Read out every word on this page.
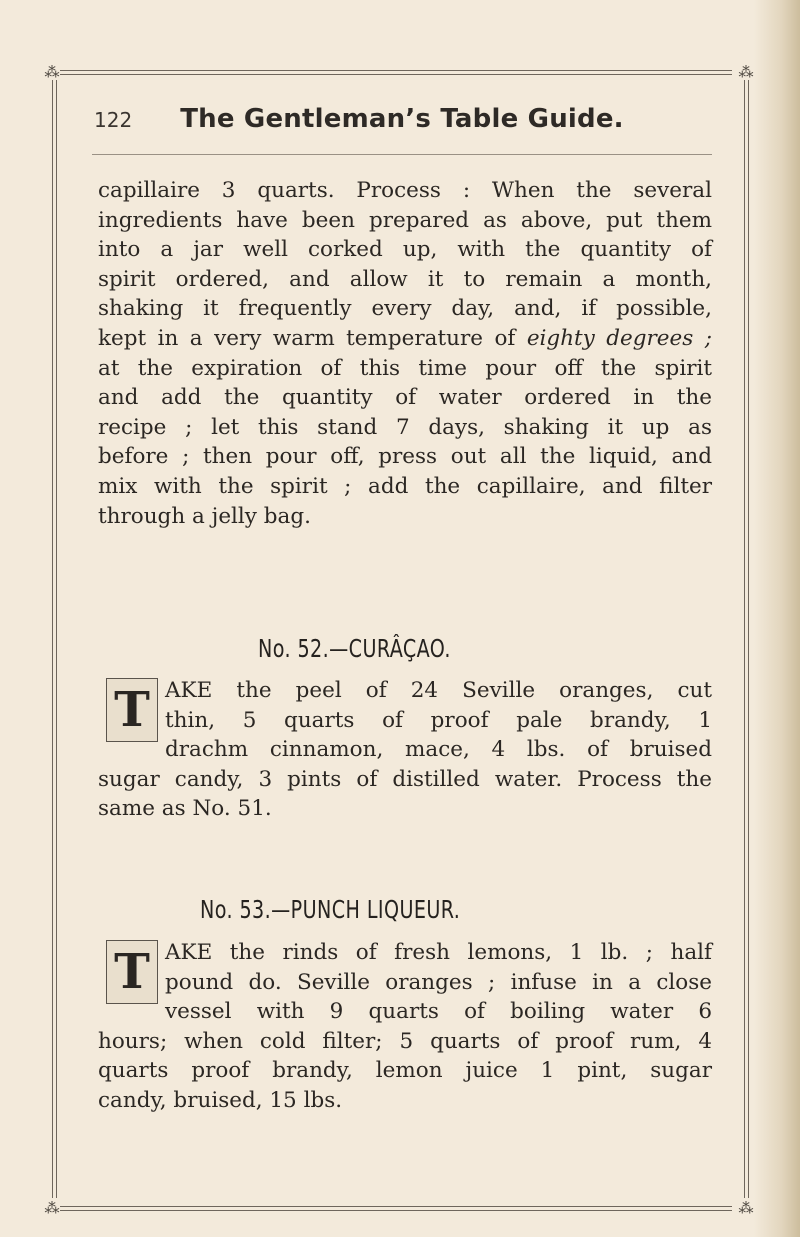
⁂	⁂
⁂	⁂
122 The Gentleman’s Table Guide.
capillaire 3 quarts. Process : When the several
ingredients have been prepared as above, put them
into a jar well corked up, with the quantity of
spirit ordered, and allow it to remain a month,
shaking it frequently every day, and, if possible,
kept in a very warm temperature of eighty degrees ;
at the expiration of this time pour off the spirit
and add the quantity of water ordered in the
recipe ; let this stand 7 days, shaking it up as
before ; then pour off, press out all the liquid, and
mix with the spirit ; add the capillaire, and filter
through a jelly bag.
No. 52.—CURÂÇAO.
T AKE the peel of 24 Seville oranges, cut
thin, 5 quarts of proof pale brandy, 1
drachm cinnamon, mace, 4 lbs. of bruised
sugar candy, 3 pints of distilled water. Process the
same as No. 51.
No. 53.—PUNCH LIQUEUR.
T AKE the rinds of fresh lemons, 1 lb. ; half
pound do. Seville oranges ; infuse in a close
vessel with 9 quarts of boiling water 6
hours; when cold filter; 5 quarts of proof rum, 4
quarts proof brandy, lemon juice 1 pint, sugar
candy, bruised, 15 lbs.
